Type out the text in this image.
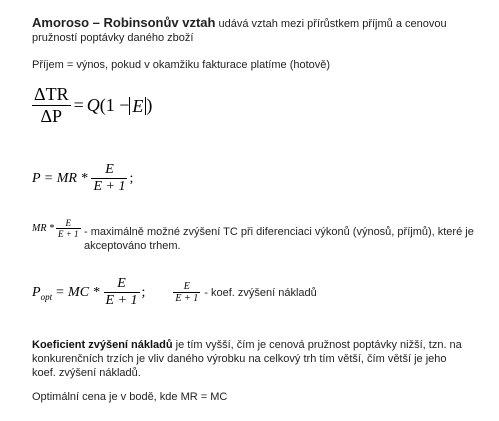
Amoroso – Robinsonův vztah udává vztah mezi přírůstkem příjmů a cenovou pružností poptávky daného zboží
Příjem = výnos, pokud v okamžiku fakturace platíme (hotově)
$\frac{\text{ΔTR}}{\Delta P} = Q$ (1 − E )
P = MR * $\frac{E}{E + 1}$ ;
MR * $\frac{E}{E + 1}$ - maximálně možné zvýšení TC při diferenciaci výkonů (výnosů, příjmů), které je akceptováno trhem.
$P_{opt}$ = MC * $\frac{E}{E + 1}$ ;	$\frac{E}{E + 1}$ - koef. zvýšení nákladů
Koeficient zvýšení nákladů je tím vyšší, čím je cenová pružnost poptávky nižší, tzn. na konkurenčních trzích je vliv daného výrobku na celkový trh tím větší, čím větší je jeho koef. zvýšení nákladů.
Optimální cena je v bodě, kde MR = MC
